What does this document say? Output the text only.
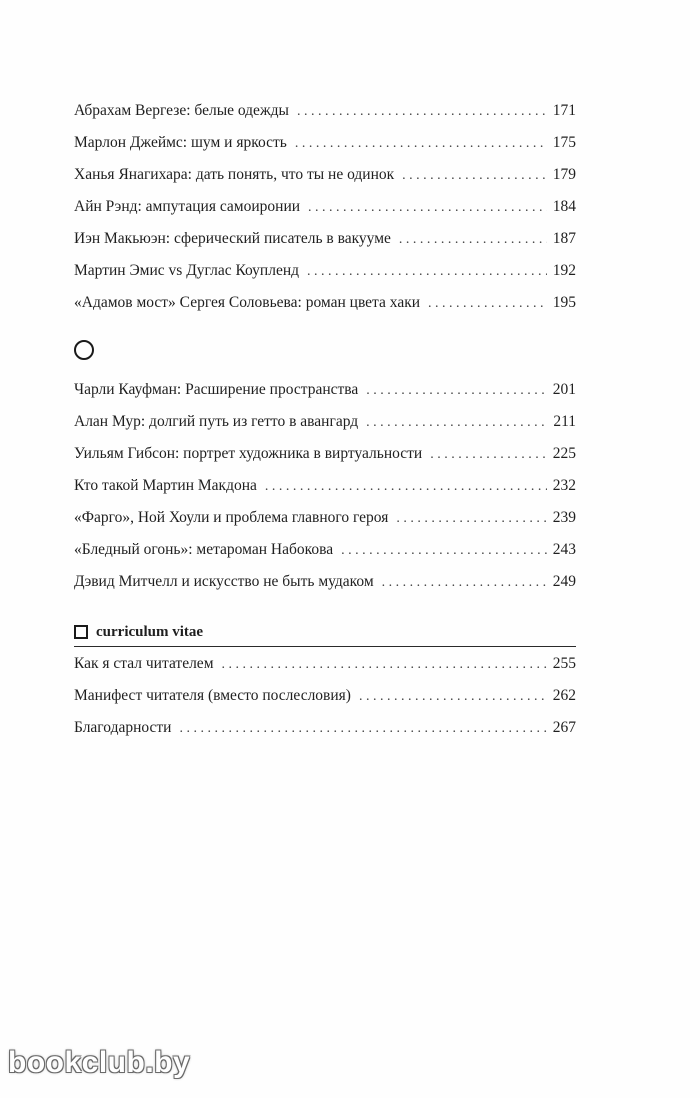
Абрахам Вергезе: белые одежды . . .	171
Марлон Джеймс: шум и яркость . . .	175
Ханья Янагихара: дать понять, что ты не одинок . . .	179
Айн Рэнд: ампутация самоиронии . . .	184
Иэн Макьюэн: сферический писатель в вакууме . . .	187
Мартин Эмис vs Дуглас Коупленд . . .	192
«Адамов мост» Сергея Соловьева: роман цвета хаки . . .	195
Чарли Кауфман: Расширение пространства . . .	201
Алан Мур: долгий путь из гетто в авангард . . .	211
Уильям Гибсон: портрет художника в виртуальности . . .	225
Кто такой Мартин Макдона . . .	232
«Фарго», Ной Хоули и проблема главного героя . . .	239
«Бледный огонь»: метароман Набокова . . .	243
Дэвид Митчелл и искусство не быть мудаком . . .	249
curriculum vitae
Как я стал читателем . . .	255
Манифест читателя (вместо послесловия) . . .	262
Благодарности . . .	267
bookclub.by
